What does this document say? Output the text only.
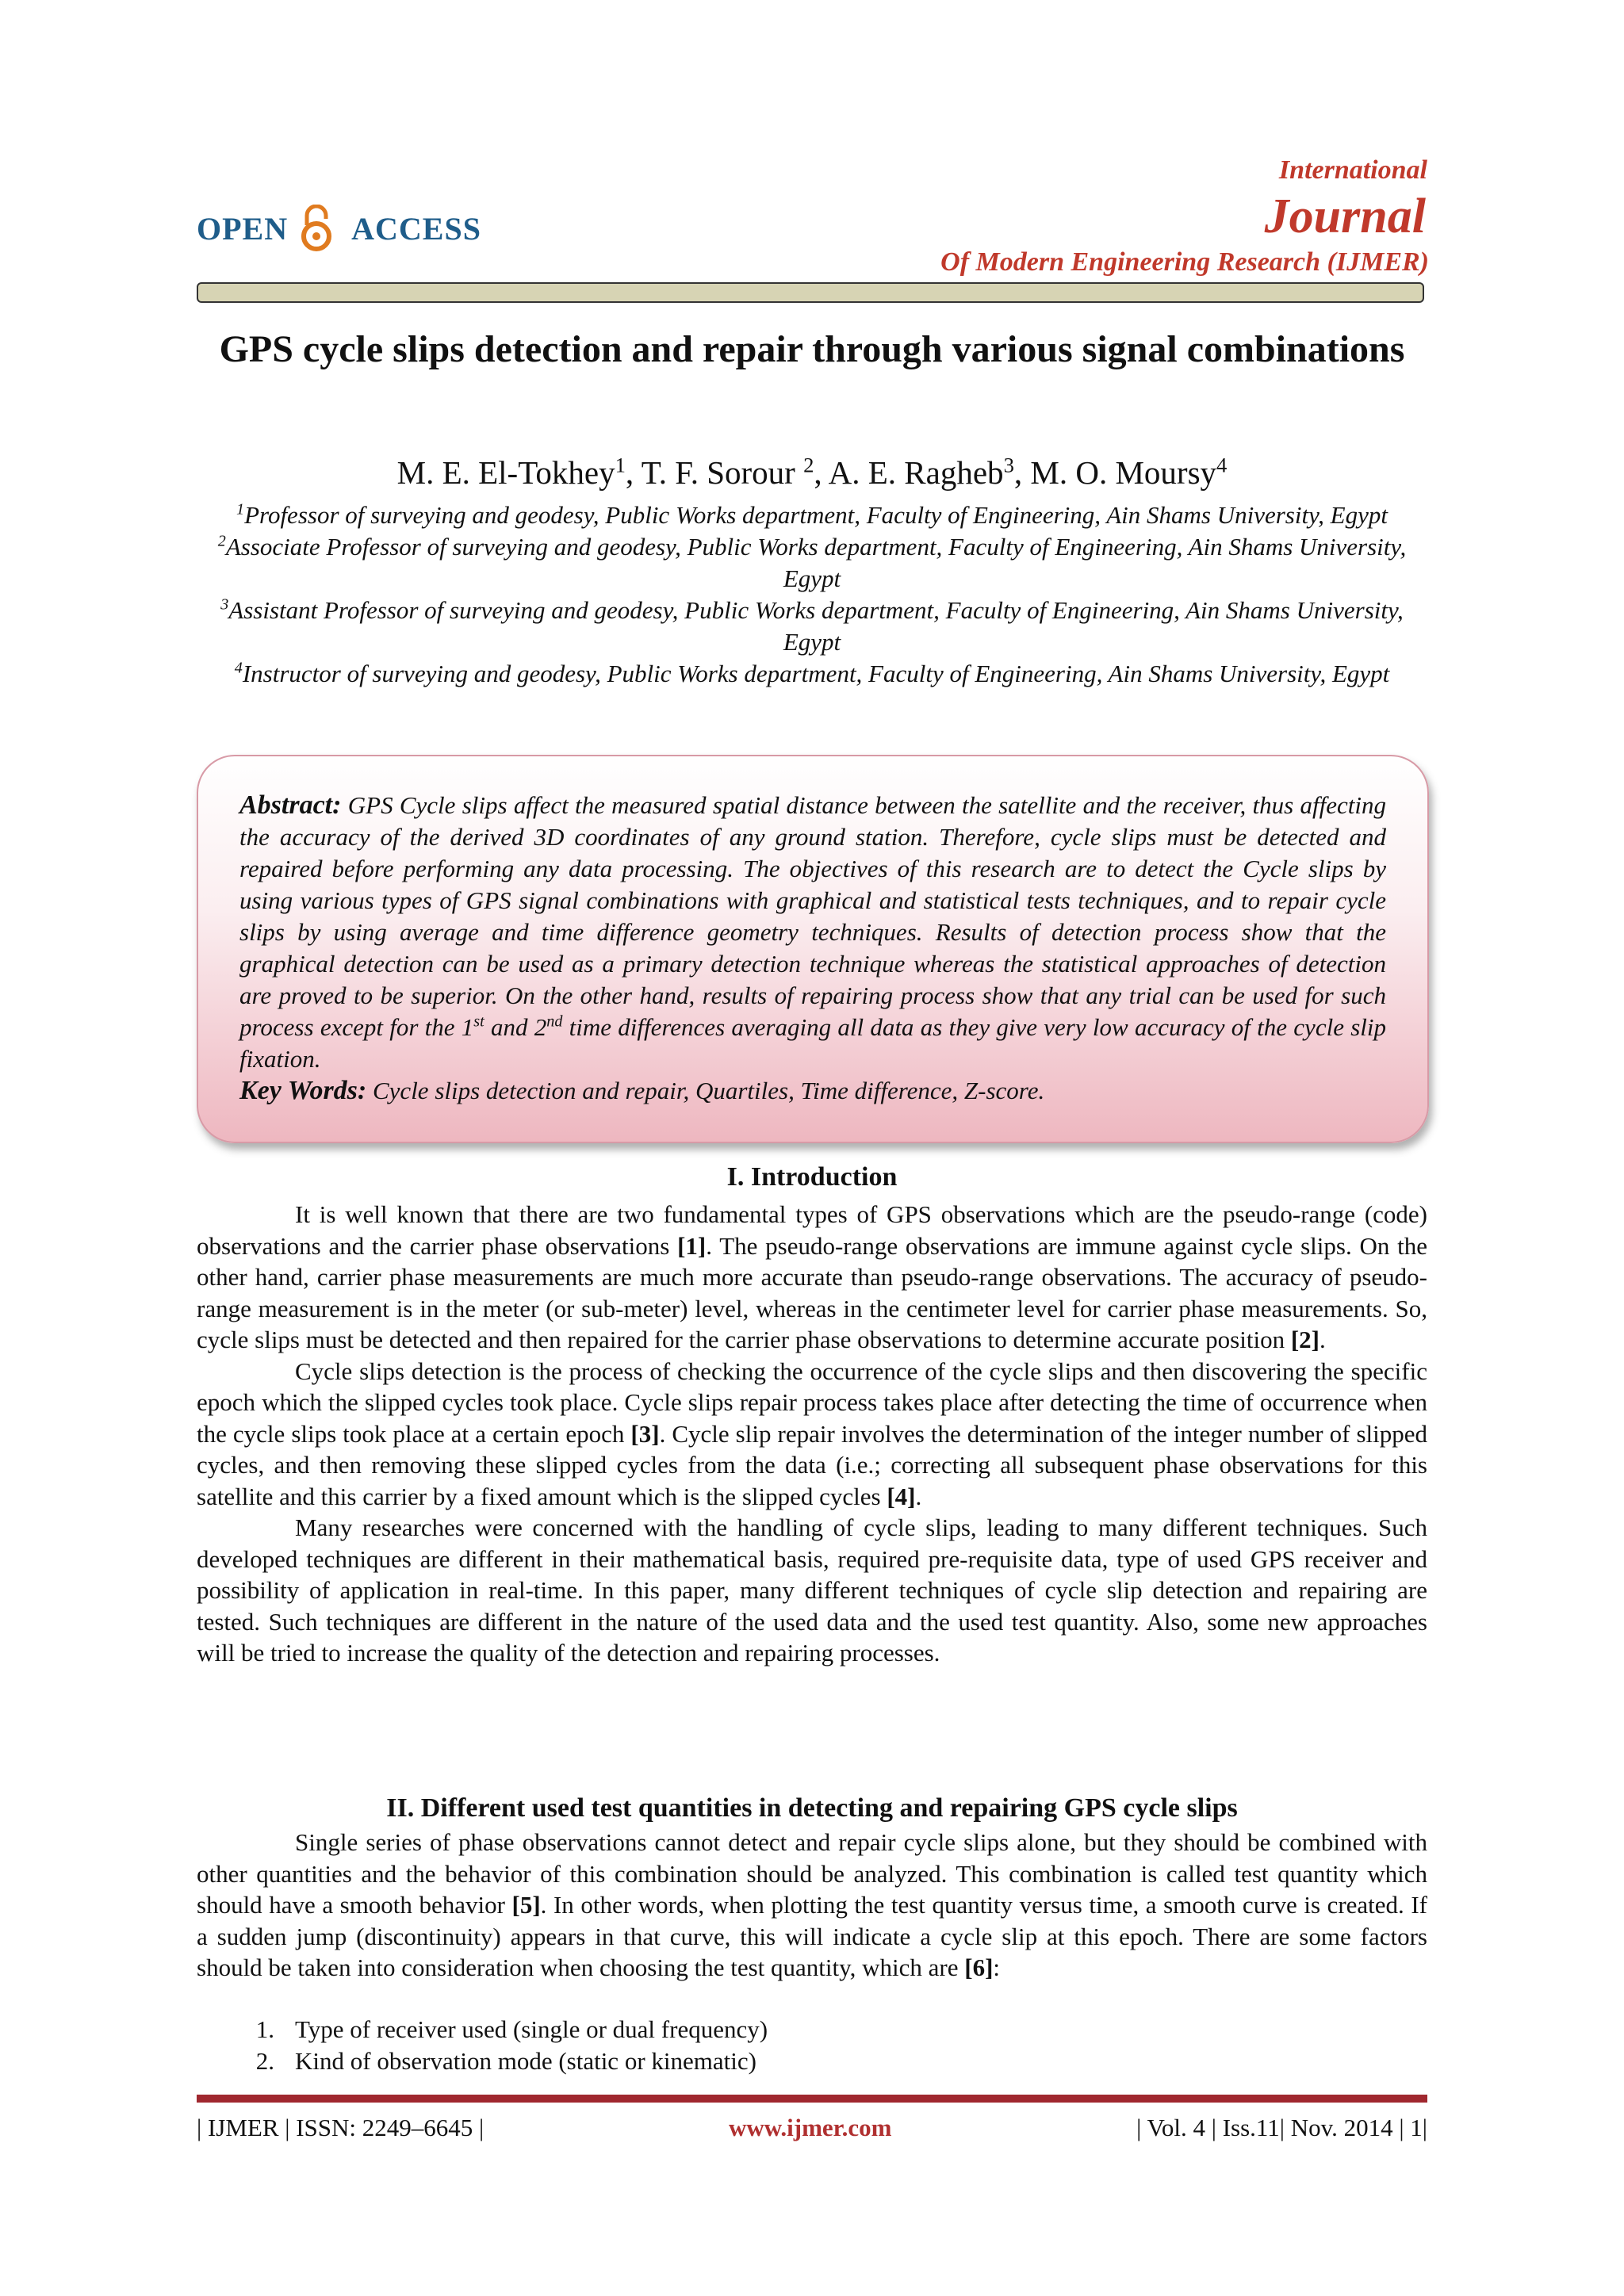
OPEN ACCESS
International
Journal
Of Modern Engineering Research (IJMER)
GPS cycle slips detection and repair through various signal combinations
M. E. El-Tokhey$^1$, T. F. Sorour $^2$, A. E. Ragheb$^3$, M. O. Moursy$^4$

$^1$Professor of surveying and geodesy, Public Works department, Faculty of Engineering, Ain Shams University, Egypt

$^2$Associate Professor of surveying and geodesy, Public Works department, Faculty of Engineering, Ain Shams University, Egypt

$^3$Assistant Professor of surveying and geodesy, Public Works department, Faculty of Engineering, Ain Shams University, Egypt

$^4$Instructor of surveying and geodesy, Public Works department, Faculty of Engineering, Ain Shams University, Egypt

Abstract: GPS Cycle slips affect the measured spatial distance between the satellite and the receiver, thus affecting the accuracy of the derived 3D coordinates of any ground station. Therefore, cycle slips must be detected and repaired before performing any data processing. The objectives of this research are to detect the Cycle slips by using various types of GPS signal combinations with graphical and statistical tests techniques, and to repair cycle slips by using average and time difference geometry techniques. Results of detection process show that the graphical detection can be used as a primary detection technique whereas the statistical approaches of detection are proved to be superior. On the other hand, results of repairing process show that any trial can be used for such process except for the 1st and 2nd time differences averaging all data as they give very low accuracy of the cycle slip fixation.

Key Words: Cycle slips detection and repair, Quartiles, Time difference, Z-score.

I. Introduction

It is well known that there are two fundamental types of GPS observations which are the pseudo-range (code) observations and the carrier phase observations [1]. The pseudo-range observations are immune against cycle slips. On the other hand, carrier phase measurements are much more accurate than pseudo-range observations. The accuracy of pseudo-range measurement is in the meter (or sub-meter) level, whereas in the centimeter level for carrier phase measurements. So, cycle slips must be detected and then repaired for the carrier phase observations to determine accurate position [2].

Cycle slips detection is the process of checking the occurrence of the cycle slips and then discovering the specific epoch which the slipped cycles took place. Cycle slips repair process takes place after detecting the time of occurrence when the cycle slips took place at a certain epoch [3]. Cycle slip repair involves the determination of the integer number of slipped cycles, and then removing these slipped cycles from the data (i.e.; correcting all subsequent phase observations for this satellite and this carrier by a fixed amount which is the slipped cycles [4].

Many researches were concerned with the handling of cycle slips, leading to many different techniques. Such developed techniques are different in their mathematical basis, required pre-requisite data, type of used GPS receiver and possibility of application in real-time. In this paper, many different techniques of cycle slip detection and repairing are tested. Such techniques are different in the nature of the used data and the used test quantity. Also, some new approaches will be tried to increase the quality of the detection and repairing processes.

II. Different used test quantities in detecting and repairing GPS cycle slips

Single series of phase observations cannot detect and repair cycle slips alone, but they should be combined with other quantities and the behavior of this combination should be analyzed. This combination is called test quantity which should have a smooth behavior [5]. In other words, when plotting the test quantity versus time, a smooth curve is created. If a sudden jump (discontinuity) appears in that curve, this will indicate a cycle slip at this epoch. There are some factors should be taken into consideration when choosing the test quantity, which are [6]:

1. Type of receiver used (single or dual frequency)
2. Kind of observation mode (static or kinematic)
| IJMER | ISSN: 2249–6645 |	www.ijmer.com	| Vol. 4 | Iss.11| Nov. 2014 | 1|
